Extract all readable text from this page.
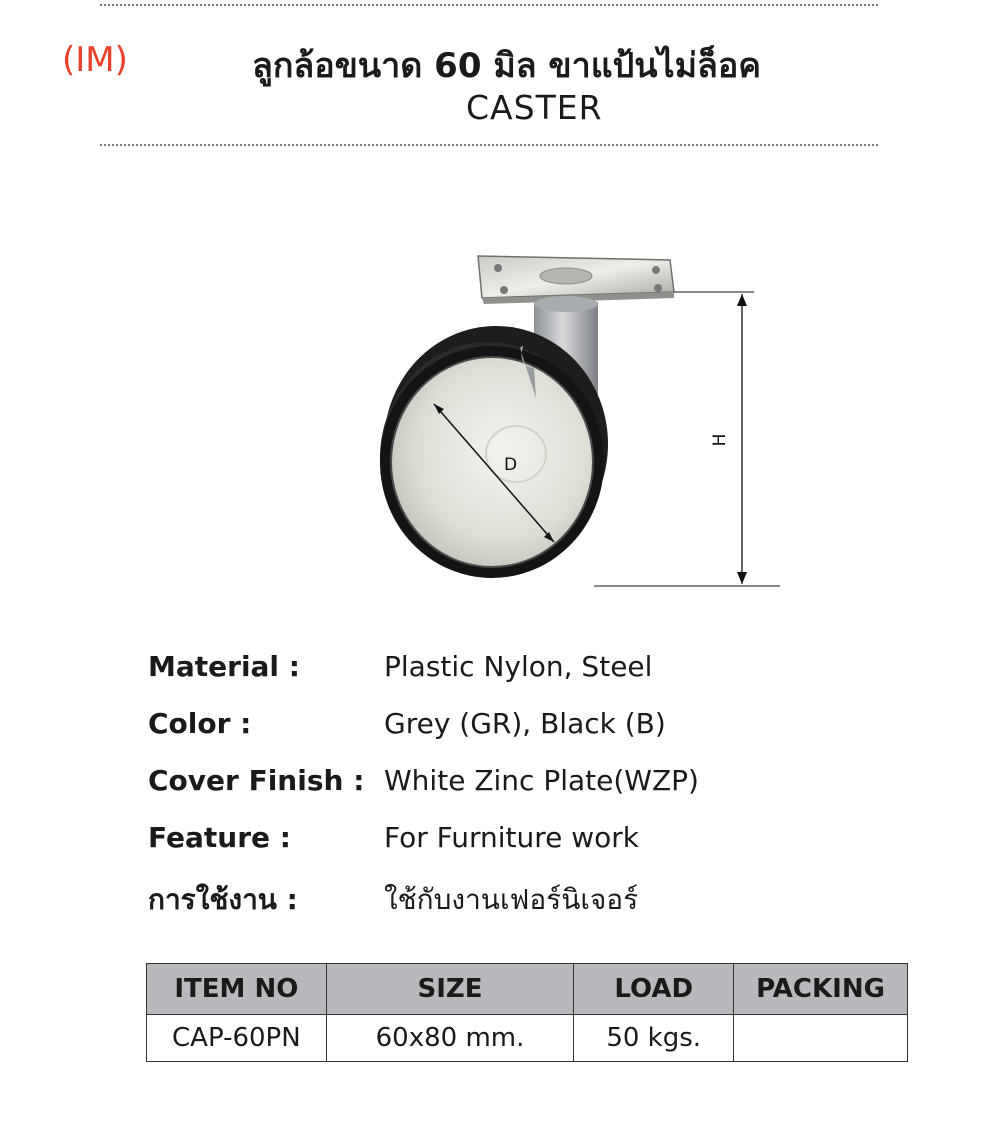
(IM)	ลูกล้อขนาด 60 มิล ขาแป้นไม่ล็อค
CASTER
D
H
Material :	Plastic Nylon, Steel
Color :	Grey (GR), Black (B)
Cover Finish : White Zinc Plate(WZP)
Feature :	For Furniture work
การใช้งาน :	ใช้กับงานเฟอร์นิเจอร์
ITEM NO	SIZE	LOAD	PACKING
CAP-60PN	60x80 mm.	50 kgs.	
